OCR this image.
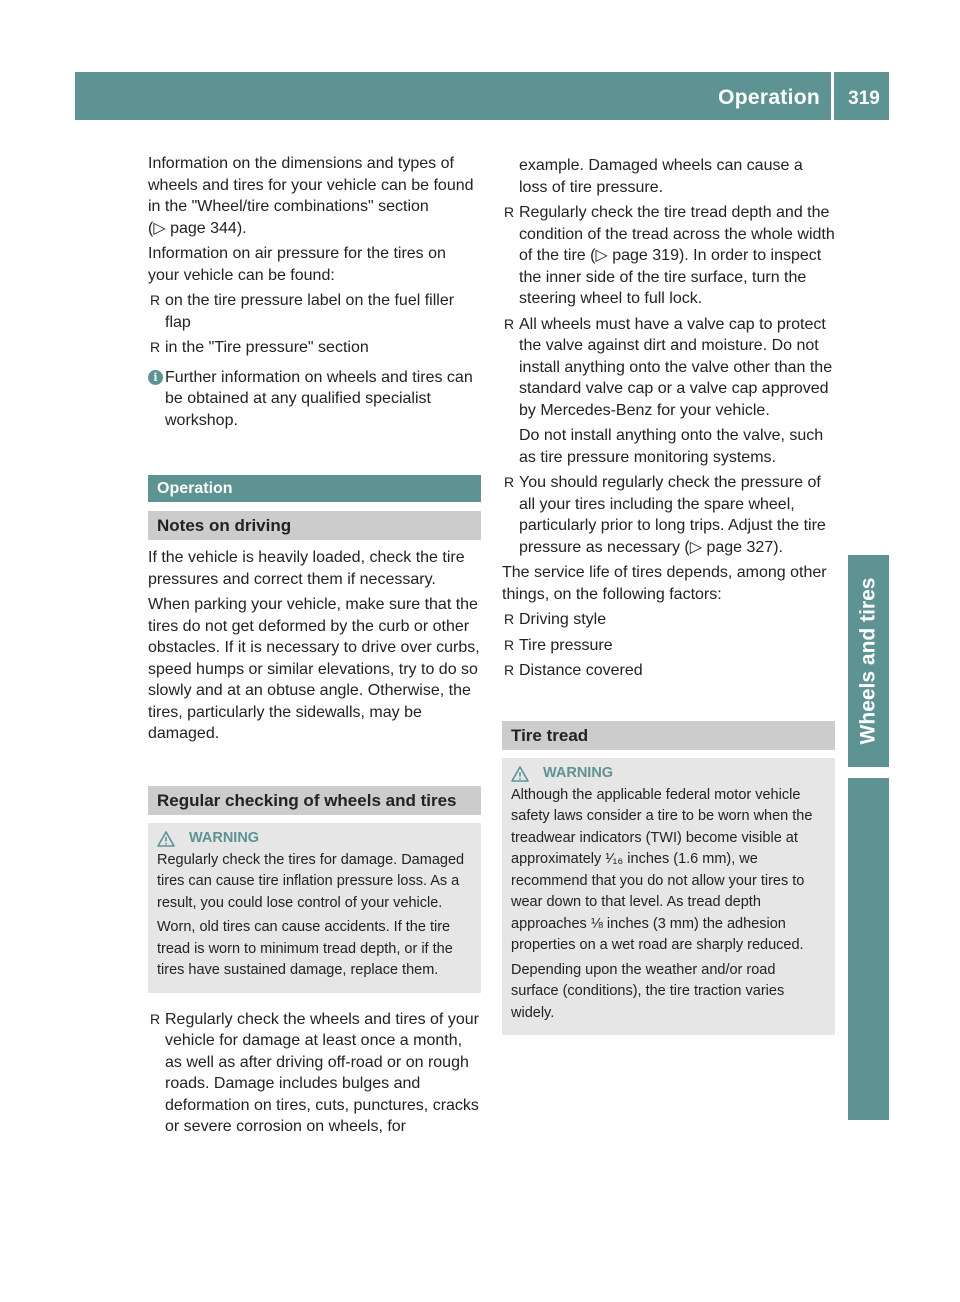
Operation	319
Wheels and tires

Information on the dimensions and types of wheels and tires for your vehicle can be found in the "Wheel/tire combinations" section
(▷ page 344).

Information on air pressure for the tires on your vehicle can be found:

R on the tire pressure label on the fuel filler flap
R in the "Tire pressure" section
i Further information on wheels and tires can be obtained at any qualified specialist workshop.
Operation
Notes on driving

If the vehicle is heavily loaded, check the tire pressures and correct them if necessary.

When parking your vehicle, make sure that the tires do not get deformed by the curb or other obstacles. If it is necessary to drive over curbs, speed humps or similar elevations, try to do so slowly and at an obtuse angle. Otherwise, the tires, particularly the sidewalls, may be damaged.

Regular checking of wheels and tires
WARNING

Regularly check the tires for damage. Damaged tires can cause tire inflation pressure loss. As a result, you could lose control of your vehicle.

Worn, old tires can cause accidents. If the tire tread is worn to minimum tread depth, or if the tires have sustained damage, replace them.

R Regularly check the wheels and tires of your vehicle for damage at least once a month, as well as after driving off-road or on rough roads. Damage includes bulges and deformation on tires, cuts, punctures, cracks or severe corrosion on wheels, for
example. Damaged wheels can cause a loss of tire pressure.
R Regularly check the tire tread depth and the condition of the tread across the whole width of the tire (▷ page 319). In order to inspect the inner side of the tire surface, turn the steering wheel to full lock.
R All wheels must have a valve cap to protect the valve against dirt and moisture. Do not install anything onto the valve other than the standard valve cap or a valve cap approved by Mercedes-Benz for your vehicle.
Do not install anything onto the valve, such as tire pressure monitoring systems.
R You should regularly check the pressure of all your tires including the spare wheel, particularly prior to long trips. Adjust the tire pressure as necessary (▷ page 327).

The service life of tires depends, among other things, on the following factors:

R Driving style
R Tire pressure
R Distance covered
Tire tread
WARNING

Although the applicable federal motor vehicle safety laws consider a tire to be worn when the treadwear indicators (TWI) become visible at approximately ¹⁄₁₆ inches (1.6 mm), we recommend that you do not allow your tires to wear down to that level. As tread depth approaches ⅛ inches (3 mm) the adhesion properties on a wet road are sharply reduced.

Depending upon the weather and/or road surface (conditions), the tire traction varies widely.
